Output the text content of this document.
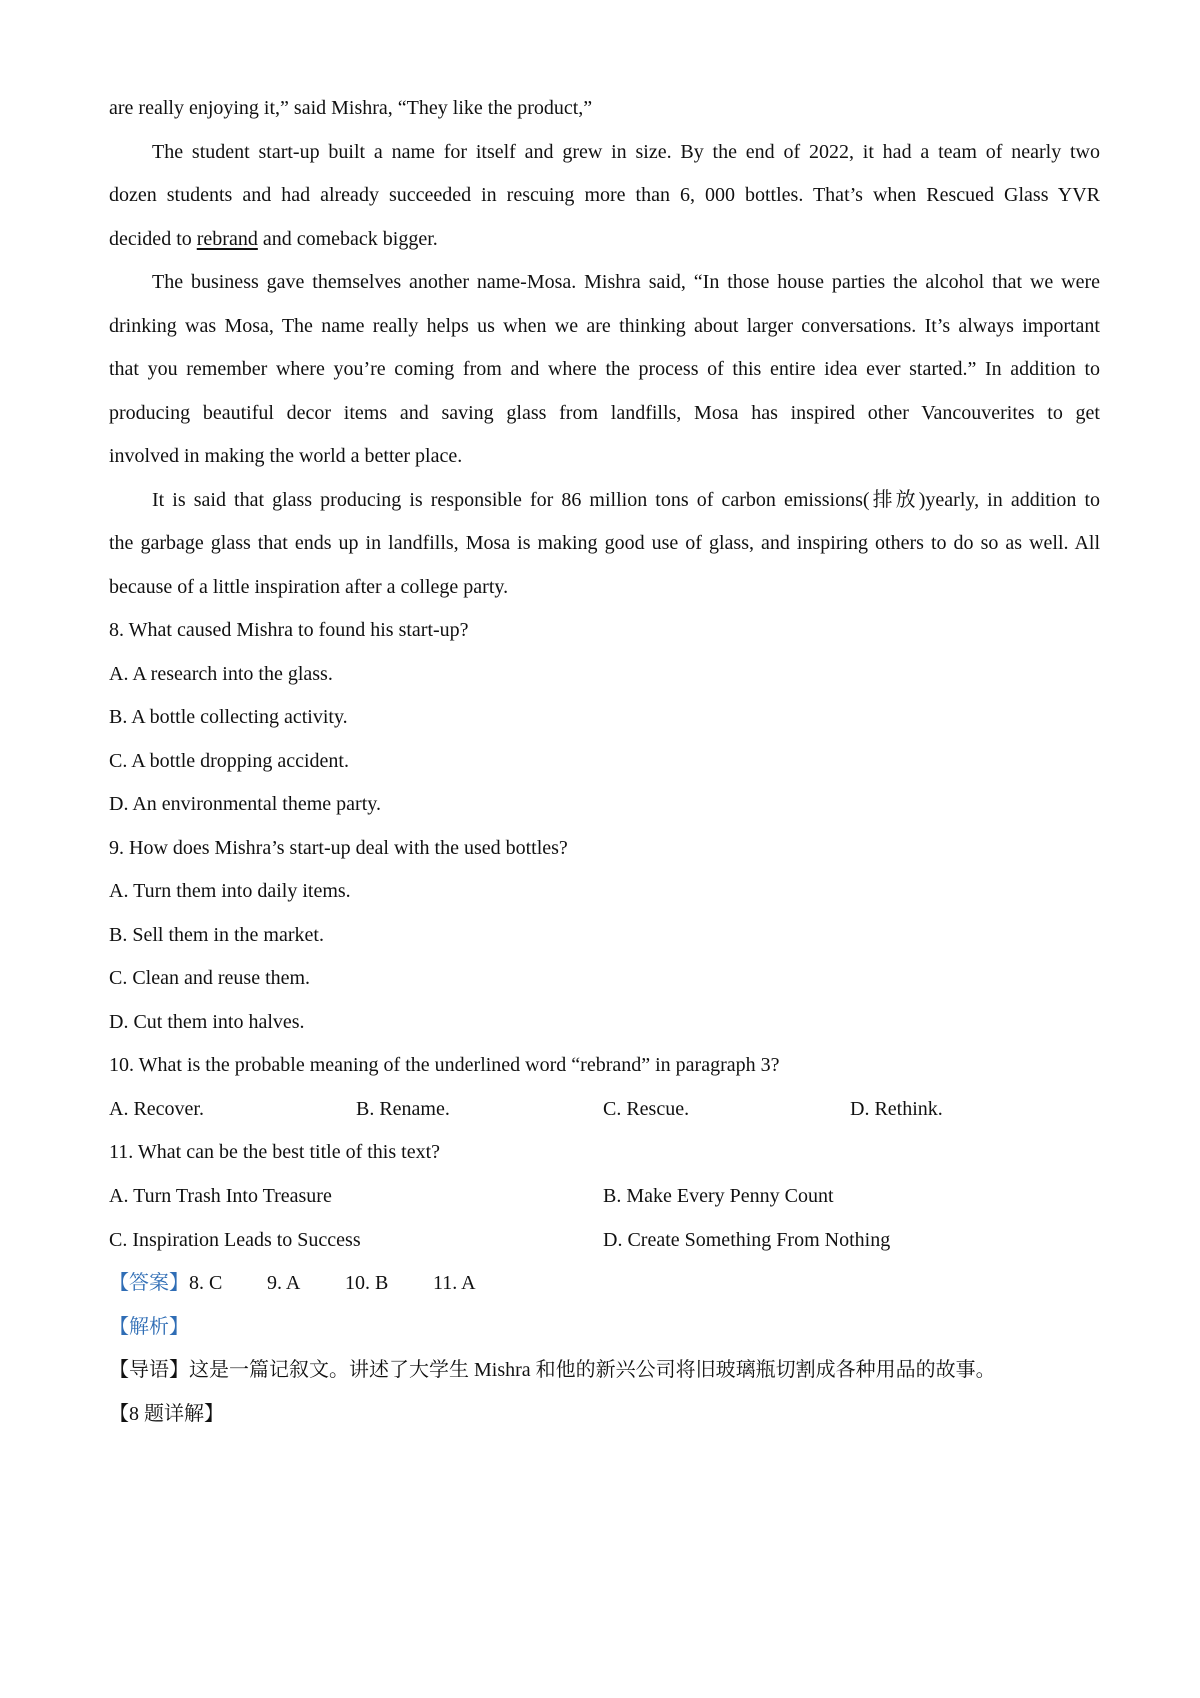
are really enjoying it,” said Mishra, “They like the product,”
The student start-up built a name for itself and grew in size. By the end of 2022, it had a team of nearly two
dozen students and had already succeeded in rescuing more than 6, 000 bottles. That’s when Rescued Glass YVR
decided to rebrand and comeback bigger.
The business gave themselves another name-Mosa. Mishra said, “In those house parties the alcohol that we were
drinking was Mosa, The name really helps us when we are thinking about larger conversations. It’s always important
that you remember where you’re coming from and where the process of this entire idea ever started.” In addition to
producing beautiful decor items and saving glass from landfills, Mosa has inspired other Vancouverites to get
involved in making the world a better place.
It is said that glass producing is responsible for 86 million tons of carbon emissions(排放)yearly, in addition to
the garbage glass that ends up in landfills, Mosa is making good use of glass, and inspiring others to do so as well. All
because of a little inspiration after a college party.
8. What caused Mishra to found his start-up?
A. A research into the glass.
B. A bottle collecting activity.
C. A bottle dropping accident.
D. An environmental theme party.
9. How does Mishra’s start-up deal with the used bottles?
A. Turn them into daily items.
B. Sell them in the market.
C. Clean and reuse them.
D. Cut them into halves.
10. What is the probable meaning of the underlined word “rebrand” in paragraph 3?
A. Recover.	B. Rename.	C. Rescue.	D. Rethink.
11. What can be the best title of this text?
A. Turn Trash Into Treasure	B. Make Every Penny Count
C. Inspiration Leads to Success	D. Create Something From Nothing
【答案】8. C 9. A 10. B 11. A
【解析】
【导语】这是一篇记叙文。讲述了大学生 Mishra 和他的新兴公司将旧玻璃瓶切割成各种用品的故事。
【8 题详解】
